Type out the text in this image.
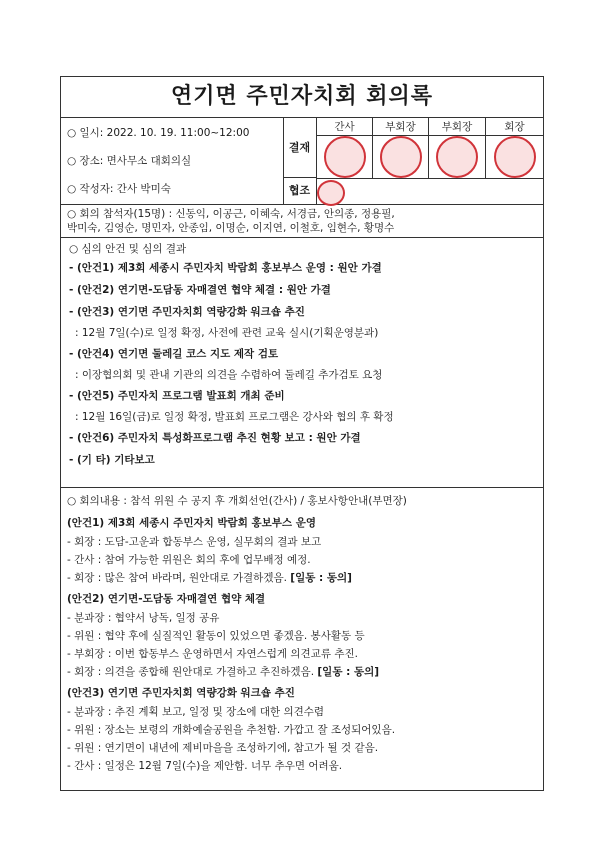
연기면 주민자치회 회의록
○ 일시: 2022. 10. 19. 11:00~12:00
○ 장소: 면사무소 대회의실
○ 작성자: 간사 박미숙
결재
협조
간사	부회장	부회장	회장
○ 회의 참석자(15명) : 신동익, 이공근, 이혜숙, 서경금, 안의종, 정용필,
박미숙, 김영순, 명민자, 안종임, 이명순, 이지연, 이철호, 임현수, 황명수
○ 심의 안건 및 심의 결과
- (안건1) 제3회 세종시 주민자치 박람회 홍보부스 운영 : 원안 가결
- (안건2) 연기면-도담동 자매결연 협약 체결 : 원안 가결
- (안건3) 연기면 주민자치회 역량강화 워크숍 추진
: 12월 7일(수)로 일정 확정, 사전에 관련 교육 실시(기획운영분과)
- (안건4) 연기면 둘레길 코스 지도 제작 검토
: 이장협의회 및 관내 기관의 의견을 수렴하여 둘레길 추가검토 요청
- (안건5) 주민자치 프로그램 발표회 개최 준비
: 12월 16일(금)로 일정 확정, 발표회 프로그램은 강사와 협의 후 확정
- (안건6) 주민자치 특성화프로그램 추진 현황 보고 : 원안 가결
- (기 타) 기타보고
○ 회의내용 : 참석 위원 수 공지 후 개회선언(간사) / 홍보사항안내(부면장)
(안건1) 제3회 세종시 주민자치 박람회 홍보부스 운영
- 회장 : 도담-고운과 합동부스 운영, 실무회의 결과 보고
- 간사 : 참여 가능한 위원은 회의 후에 업무배정 예정.
- 회장 : 많은 참여 바라며, 원안대로 가결하겠음. [일동 : 동의]
(안건2) 연기면-도담동 자매결연 협약 체결
- 분과장 : 협약서 낭독, 일정 공유
- 위원 : 협약 후에 실질적인 활동이 있었으면 좋겠음. 봉사활동 등
- 부회장 : 이번 합동부스 운영하면서 자연스럽게 의견교류 추진.
- 회장 : 의견을 종합해 원안대로 가결하고 추진하겠음. [일동 : 동의]
(안건3) 연기면 주민자치회 역량강화 워크숍 추진
- 분과장 : 추진 계획 보고, 일정 및 장소에 대한 의견수렴
- 위원 : 장소는 보령의 개화예술공원을 추천함. 가깝고 잘 조성되어있음.
- 위원 : 연기면이 내년에 제비마을을 조성하기에, 참고가 될 것 같음.
- 간사 : 일정은 12월 7일(수)을 제안함. 너무 추우면 어려움.
